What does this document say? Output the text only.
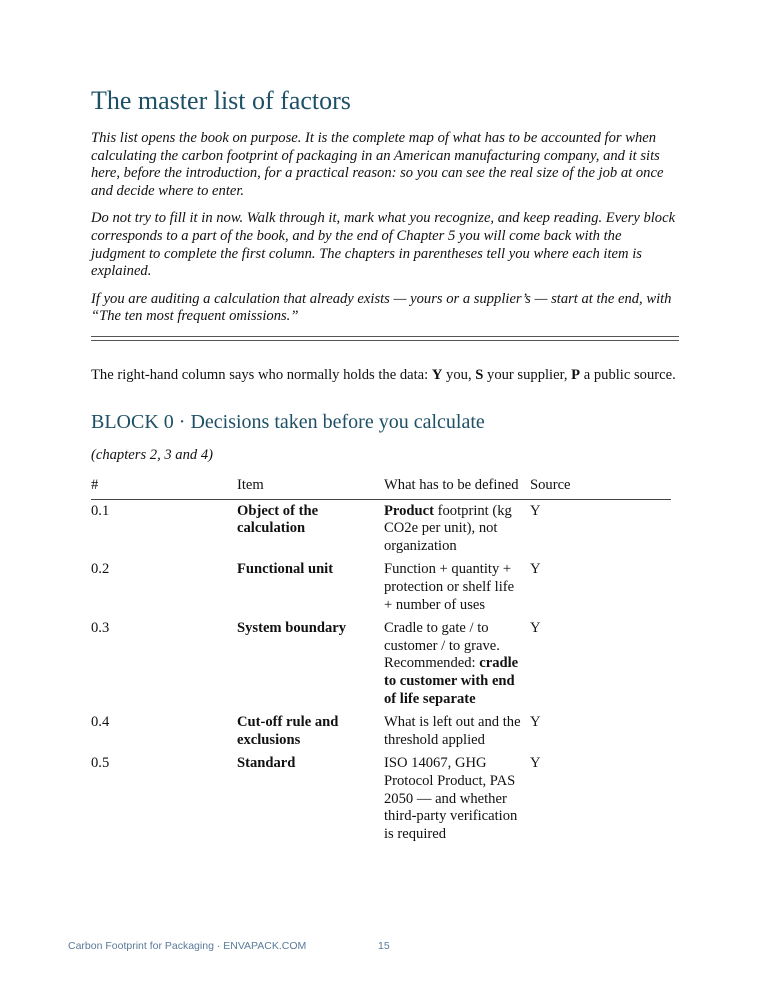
The master list of factors

This list opens the book on purpose. It is the complete map of what has to be accounted for when calculating the carbon footprint of packaging in an American manufacturing company, and it sits here, before the introduction, for a practical reason: so you can see the real size of the job at once and decide where to enter.

Do not try to fill it in now. Walk through it, mark what you recognize, and keep reading. Every block corresponds to a part of the book, and by the end of Chapter 5 you will come back with the judgment to complete the first column. The chapters in parentheses tell you where each item is explained.

If you are auditing a calculation that already exists — yours or a supplier’s — start at the end, with “The ten most frequent omissions.”

The right-hand column says who normally holds the data: Y you, S your supplier, P a public source.

BLOCK 0 · Decisions taken before you calculate

(chapters 2, 3 and 4)

#	Item	What has to be defined	Source
0.1	Object of the calculation	Product footprint (kg CO2e per unit), not organization	Y
0.2	Functional unit	Function + quantity + protection or shelf life + number of uses	Y
0.3	System boundary	Cradle to gate / to customer / to grave. Recommended: cradle to customer with end of life separate	Y
0.4	Cut-off rule and exclusions	What is left out and the threshold applied	Y
0.5	Standard	ISO 14067, GHG Protocol Product, PAS 2050 — and whether third-party verification is required	Y
Carbon Footprint for Packaging · ENVAPACK.COM	15
